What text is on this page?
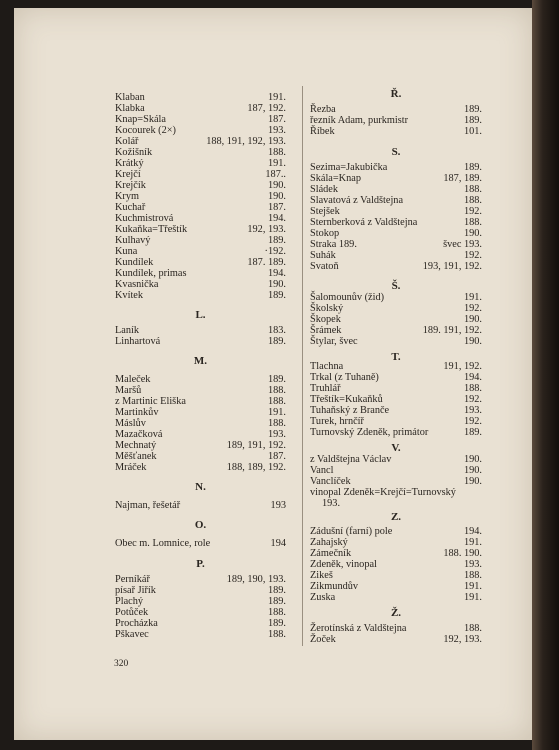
Klaban	191.
Klabka	187, 192.
Knap=Skála	187.
Kocourek (2×)	193.
Kolář	188, 191, 192, 193.
Kožišník	188.
Krátký	191.
Krejčí	187..
Krejčík	190.
Krym	190.
Kuchař	187.
Kuchmistrová	194.
Kukaňka=Třeštík	192, 193.
Kulhavý	189.
Kuna	·192.
Kundílek	187. 189.
Kundílek, primas	194.
Kvasnička	190.
Kvítek	189.
L.
Laník	183.
Linhartová	189.
M.
Maleček	189.
Maršů	188.
z Martinic Eliška	188.
Martinkův	191.
Máslův	188.
Mazačková	193.
Mechnatý	189, 191, 192.
Měšťanek	187.
Mráček	188, 189, 192.
N.
Najman, řešetář	193
O.
Obec m. Lomnice, role	194
P.
Perníkář	189, 190, 193.
písař Jiřík	189.
Plachý	189.
Potůček	188.
Procházka	189.
Pškavec	188.
Ř.
Řezba	189.
řezník Adam, purkmistr	189.
Říbek	101.
S.
Sezima=Jakubička	189.
Skála=Knap	187, 189.
Sládek	188.
Slavatová z Valdštejna	188.
Stejšek	192.
Sternberková z Valdštejna	188.
Stokop	190.
Straka 189.	švec 193.
Suhák	192.
Svatoň	193, 191, 192.
Š.
Šalomounův (žid)	191.
Školský	192.
Škopek	190.
Šrámek	189. 191, 192.
Štylar, švec	190.
T.
Tlachna	191, 192.
Trkal (z Tuhaně)	194.
Truhlář	188.
Třeštík=Kukaňků	192.
Tuhaňský z Branče	193.
Turek, hrnčíř	192.
Turnovský Zdeněk, primátor	189.
V.
z Valdštejna Václav	190.
Vancl	190.
Vanclíček	190.
vinopal Zdeněk=Krejčí=Turnovský
193.
Z.
Zádušní (farní) pole	194.
Zahajský	191.
Zámečník	188. 190.
Zdeněk, vinopal	193.
Zikeš	188.
Zikmundův	191.
Zuska	191.
Ž.
Žerotínská z Valdštejna	188.
Žoček	192, 193.
320
